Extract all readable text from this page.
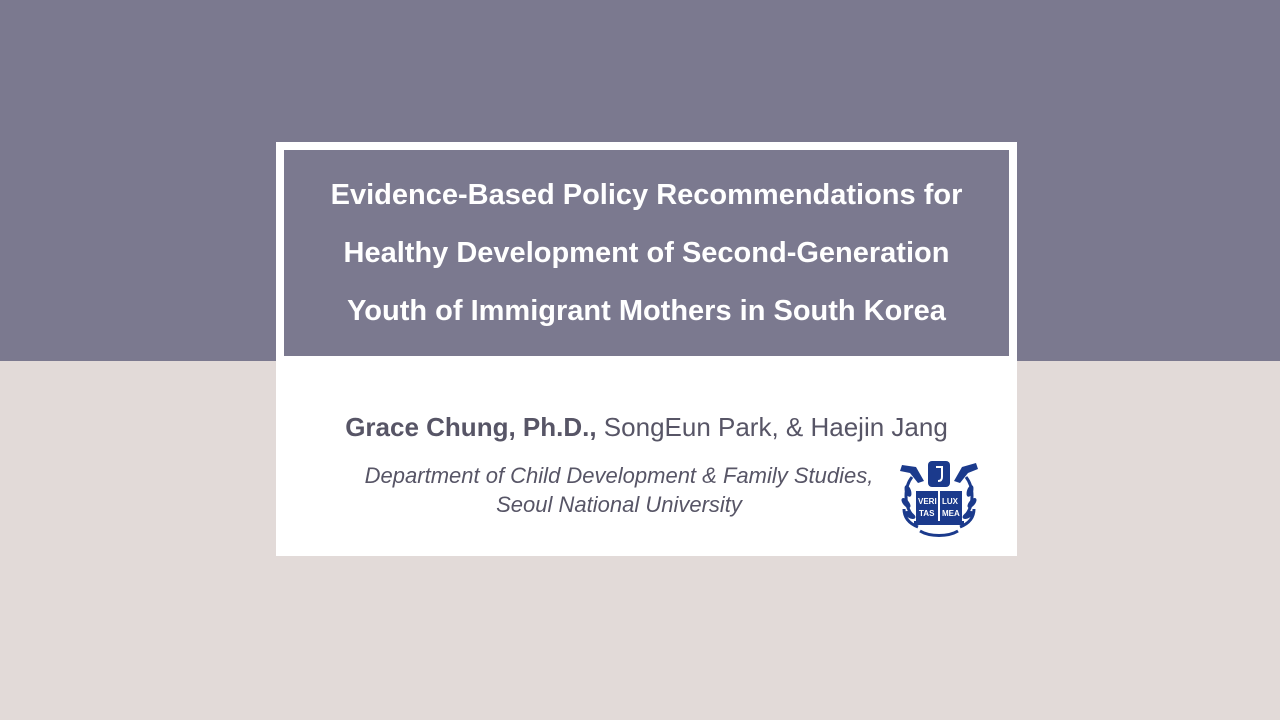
Evidence-Based Policy Recommendations for
Healthy Development of Second-Generation
Youth of Immigrant Mothers in South Korea
Grace Chung, Ph.D., SongEun Park, & Haejin Jang
Department of Child Development & Family Studies,
Seoul National University	VERI
TAS
LUX
MEA
